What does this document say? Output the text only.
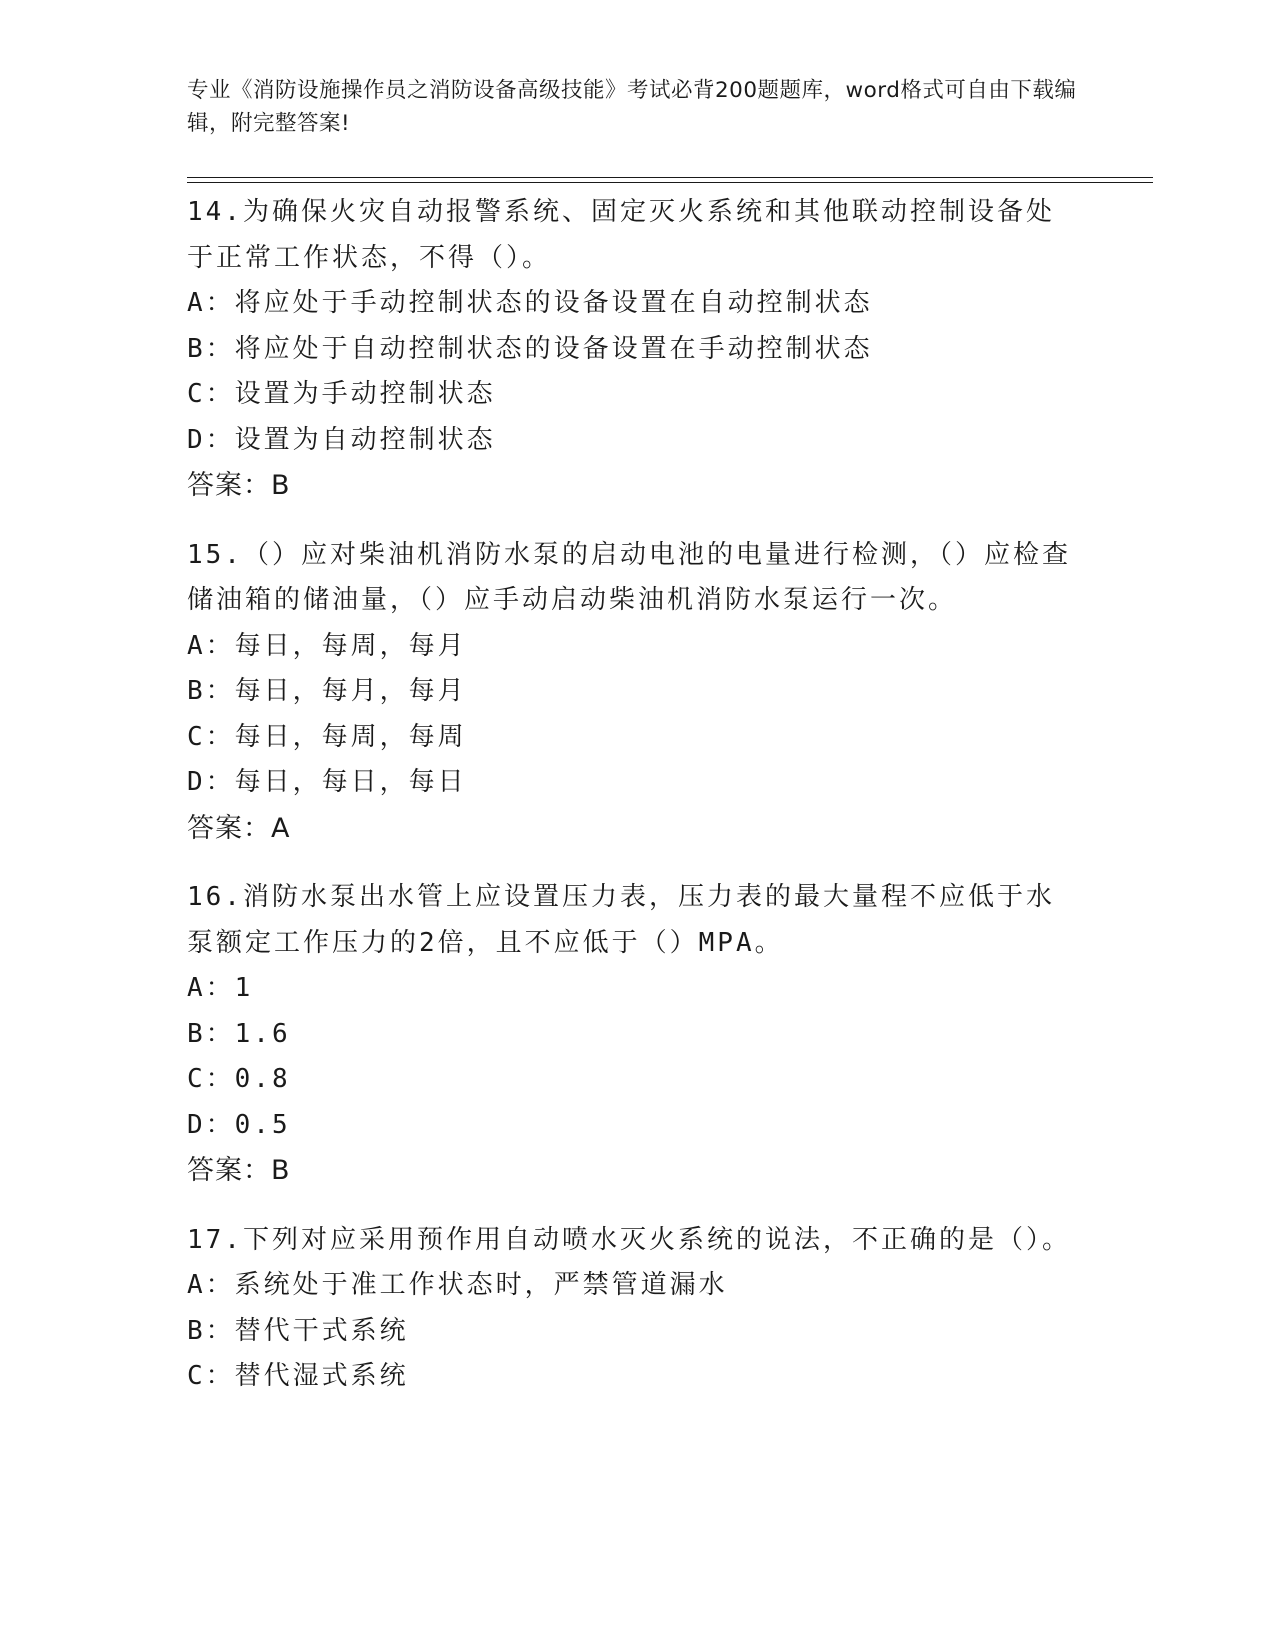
专业《消防设施操作员之消防设备高级技能》考试必背200题题库，word格式可自由下载编辑，附完整答案!

14.为确保火灾自动报警系统、固定灭火系统和其他联动控制设备处于正常工作状态，不得（）。

A：将应处于手动控制状态的设备设置在自动控制状态

B：将应处于自动控制状态的设备设置在手动控制状态

C：设置为手动控制状态

D：设置为自动控制状态

答案：B

15.（）应对柴油机消防水泵的启动电池的电量进行检测，（）应检查储油箱的储油量，（）应手动启动柴油机消防水泵运行一次。

A：每日，每周，每月

B：每日，每月，每月

C：每日，每周，每周

D：每日，每日，每日

答案：A

16.消防水泵出水管上应设置压力表，压力表的最大量程不应低于水泵额定工作压力的2倍，且不应低于（）MPA。

A：1

B：1.6

C：0.8

D：0.5

答案：B

17.下列对应采用预作用自动喷水灭火系统的说法，不正确的是（）。

A：系统处于准工作状态时，严禁管道漏水

B：替代干式系统

C：替代湿式系统
